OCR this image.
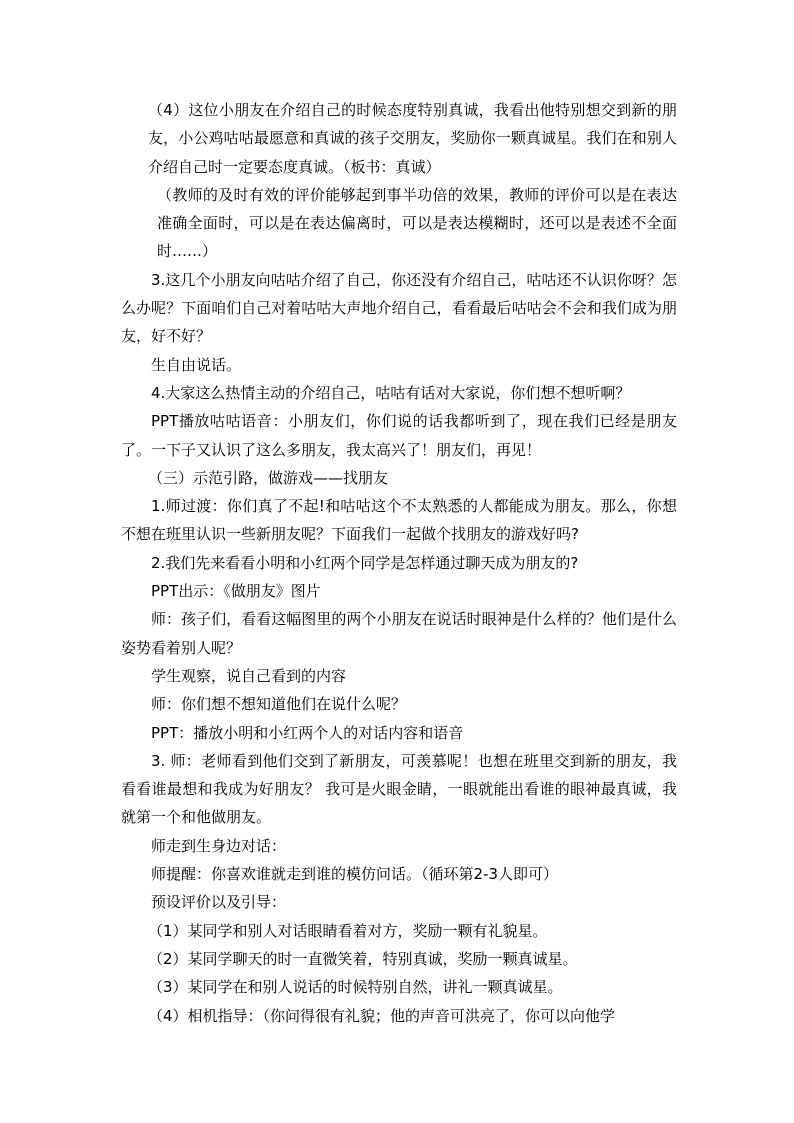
（4）这位小朋友在介绍自己的时候态度特别真诚，我看出他特别想交到新的朋友，小公鸡咕咕最愿意和真诚的孩子交朋友，奖励你一颗真诚星。我们在和别人介绍自己时一定要态度真诚。（板书：真诚）

（教师的及时有效的评价能够起到事半功倍的效果，教师的评价可以是在表达准确全面时，可以是在表达偏离时，可以是表达模糊时，还可以是表述不全面时……）

3.这几个小朋友向咕咕介绍了自己，你还没有介绍自己，咕咕还不认识你呀？怎么办呢？下面咱们自己对着咕咕大声地介绍自己，看看最后咕咕会不会和我们成为朋友，好不好？

生自由说话。

4.大家这么热情主动的介绍自己，咕咕有话对大家说，你们想不想听啊？

PPT播放咕咕语音：小朋友们，你们说的话我都听到了，现在我们已经是朋友了。一下子又认识了这么多朋友，我太高兴了！朋友们，再见！

（三）示范引路，做游戏——找朋友

1.师过渡：你们真了不起!和咕咕这个不太熟悉的人都能成为朋友。那么，你想不想在班里认识一些新朋友呢？下面我们一起做个找朋友的游戏好吗?

2.我们先来看看小明和小红两个同学是怎样通过聊天成为朋友的?

PPT出示：《做朋友》图片

师：孩子们，看看这幅图里的两个小朋友在说话时眼神是什么样的？他们是什么姿势看着别人呢？

学生观察，说自己看到的内容

师：你们想不想知道他们在说什么呢？

PPT：播放小明和小红两个人的对话内容和语音

3. 师：老师看到他们交到了新朋友，可羡慕呢！也想在班里交到新的朋友，我看看谁最想和我成为好朋友？ 我可是火眼金睛，一眼就能出看谁的眼神最真诚，我就第一个和他做朋友。

师走到生身边对话：

师提醒：你喜欢谁就走到谁的模仿问话。（循环第2-3人即可）

预设评价以及引导：

（1）某同学和别人对话眼睛看着对方，奖励一颗有礼貌星。

（2）某同学聊天的时一直微笑着，特别真诚，奖励一颗真诚星。

（3）某同学在和别人说话的时候特别自然，讲礼一颗真诚星。

（4）相机指导：（你问得很有礼貌；他的声音可洪亮了，你可以向他学
